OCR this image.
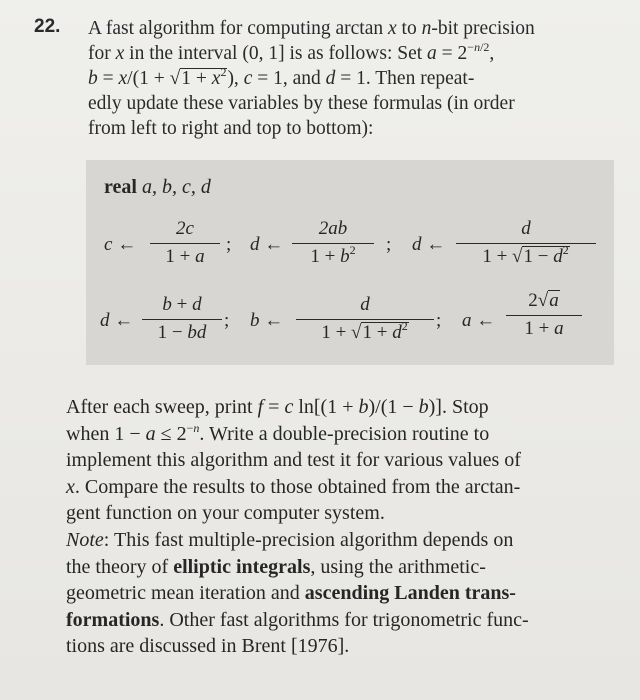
22. A fast algorithm for computing arctan x to n-bit precision
for x in the interval (0, 1] is as follows: Set $a = 2^{-n/2}$,
$b = x/(1 + √1 + x^2)$, c = 1, and d = 1. Then repeat-
edly update these variables by these formulas (in order
from left to right and top to bottom):
real a, b, c, d
c ←
2c
1 + a
; d ←
2ab
$1 + b^2$	; d ←
d
$1 + √1 - d^2$
d ←
b + d
1 − bd
; b ←
d
$1 + √1 + d^2$	; a ←
2√a
1 + a
After each sweep, print f = c ln[(1 + b)/(1 − b)]. Stop
when $1 - a \le 2^{-n}$. Write a double-precision routine to
implement this algorithm and test it for various values of
x. Compare the results to those obtained from the arctan-
gent function on your computer system.
Note: This fast multiple-precision algorithm depends on
the theory of elliptic integrals, using the arithmetic-
geometric mean iteration and ascending Landen trans-
formations. Other fast algorithms for trigonometric func-
tions are discussed in Brent [1976].
